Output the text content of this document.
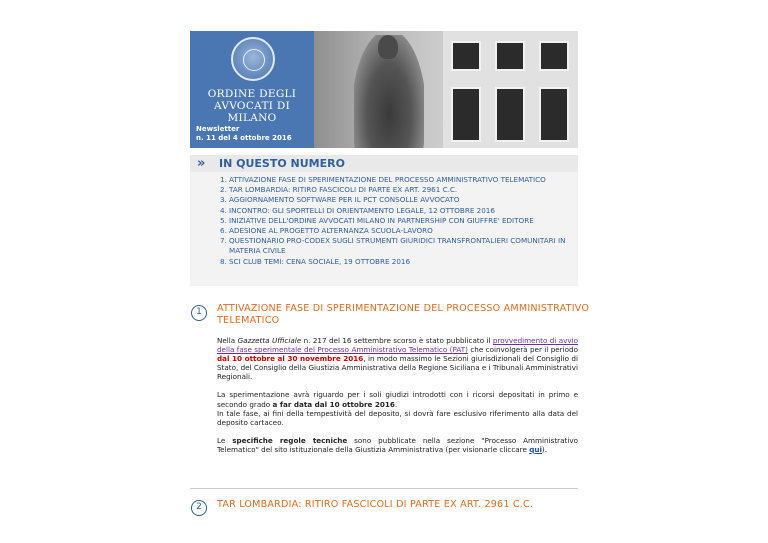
ORDINE DEGLI
AVVOCATI DI MILANO
Newsletter
n. 11 del 4 ottobre 2016
»	IN QUESTO NUMERO
1. ATTIVAZIONE FASE DI SPERIMENTAZIONE DEL PROCESSO AMMINISTRATIVO TELEMATICO
2. TAR LOMBARDIA: RITIRO FASCICOLI DI PARTE EX ART. 2961 C.C.
3. AGGIORNAMENTO SOFTWARE PER IL PCT CONSOLLE AVVOCATO
4. INCONTRO: GLI SPORTELLI DI ORIENTAMENTO LEGALE, 12 OTTOBRE 2016
5. INIZIATIVE DELL'ORDINE AVVOCATI MILANO IN PARTNERSHIP CON GIUFFRE' EDITORE
6. ADESIONE AL PROGETTO ALTERNANZA SCUOLA-LAVORO
7. QUESTIONARIO PRO-CODEX SUGLI STRUMENTI GIURIDICI TRANSFRONTALIERI COMUNITARI IN MATERIA CIVILE
8. SCI CLUB TEMI: CENA SOCIALE, 19 OTTOBRE 2016
1	ATTIVAZIONE FASE DI SPERIMENTAZIONE DEL PROCESSO AMMINISTRATIVO
TELEMATICO

Nella Gazzetta Ufficiale n. 217 del 16 settembre scorso è stato pubblicato il provvedimento di avvio della fase sperimentale del Processo Amministrativo Telematico (PAT) che coinvolgerà per il periodo dal 10 ottobre al 30 novembre 2016, in modo massimo le Sezioni giurisdizionali del Consiglio di Stato, del Consiglio della Giustizia Amministrativa della Regione Siciliana e i Tribunali Amministrativi Regionali.

La sperimentazione avrà riguardo per i soli giudizi introdotti con i ricorsi depositati in primo e secondo grado a far data dal 10 ottobre 2016.
In tale fase, ai fini della tempestività del deposito, si dovrà fare esclusivo riferimento alla data del deposito cartaceo.

Le specifiche regole tecniche sono pubblicate nella sezione "Processo Amministrativo Telematico" del sito istituzionale della Giustizia Amministrativa (per visionarle cliccare qui).

2	TAR LOMBARDIA: RITIRO FASCICOLI DI PARTE EX ART. 2961 C.C.
